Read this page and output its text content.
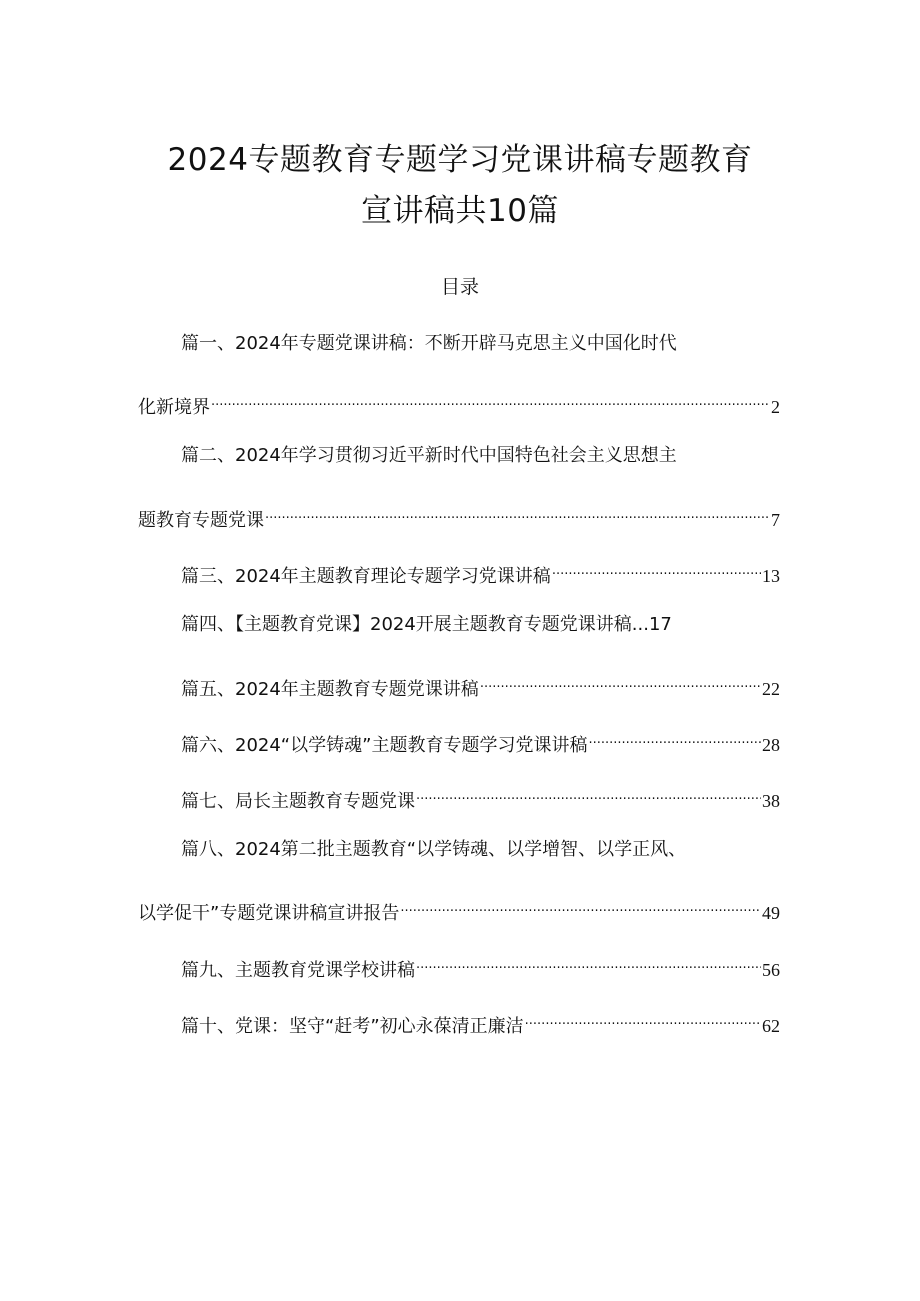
2024专题教育专题学习党课讲稿专题教育
宣讲稿共10篇
目录
篇一、2024年专题党课讲稿：不断开辟马克思主义中国化时代
化新境界 .....	2
篇二、2024年学习贯彻习近平新时代中国特色社会主义思想主
题教育专题党课 .....	7
篇三、2024年主题教育理论专题学习党课讲稿 .....	13
篇四、【主题教育党课】2024开展主题教育专题党课讲稿...17
篇五、2024年主题教育专题党课讲稿 .....	22
篇六、2024“以学铸魂”主题教育专题学习党课讲稿 .....	28
篇七、局长主题教育专题党课 .....	38
篇八、2024第二批主题教育“以学铸魂、以学增智、以学正风、
以学促干”专题党课讲稿宣讲报告 .....	49
篇九、主题教育党课学校讲稿 .....	56
篇十、党课：坚守“赶考”初心永葆清正廉洁 .....	62
